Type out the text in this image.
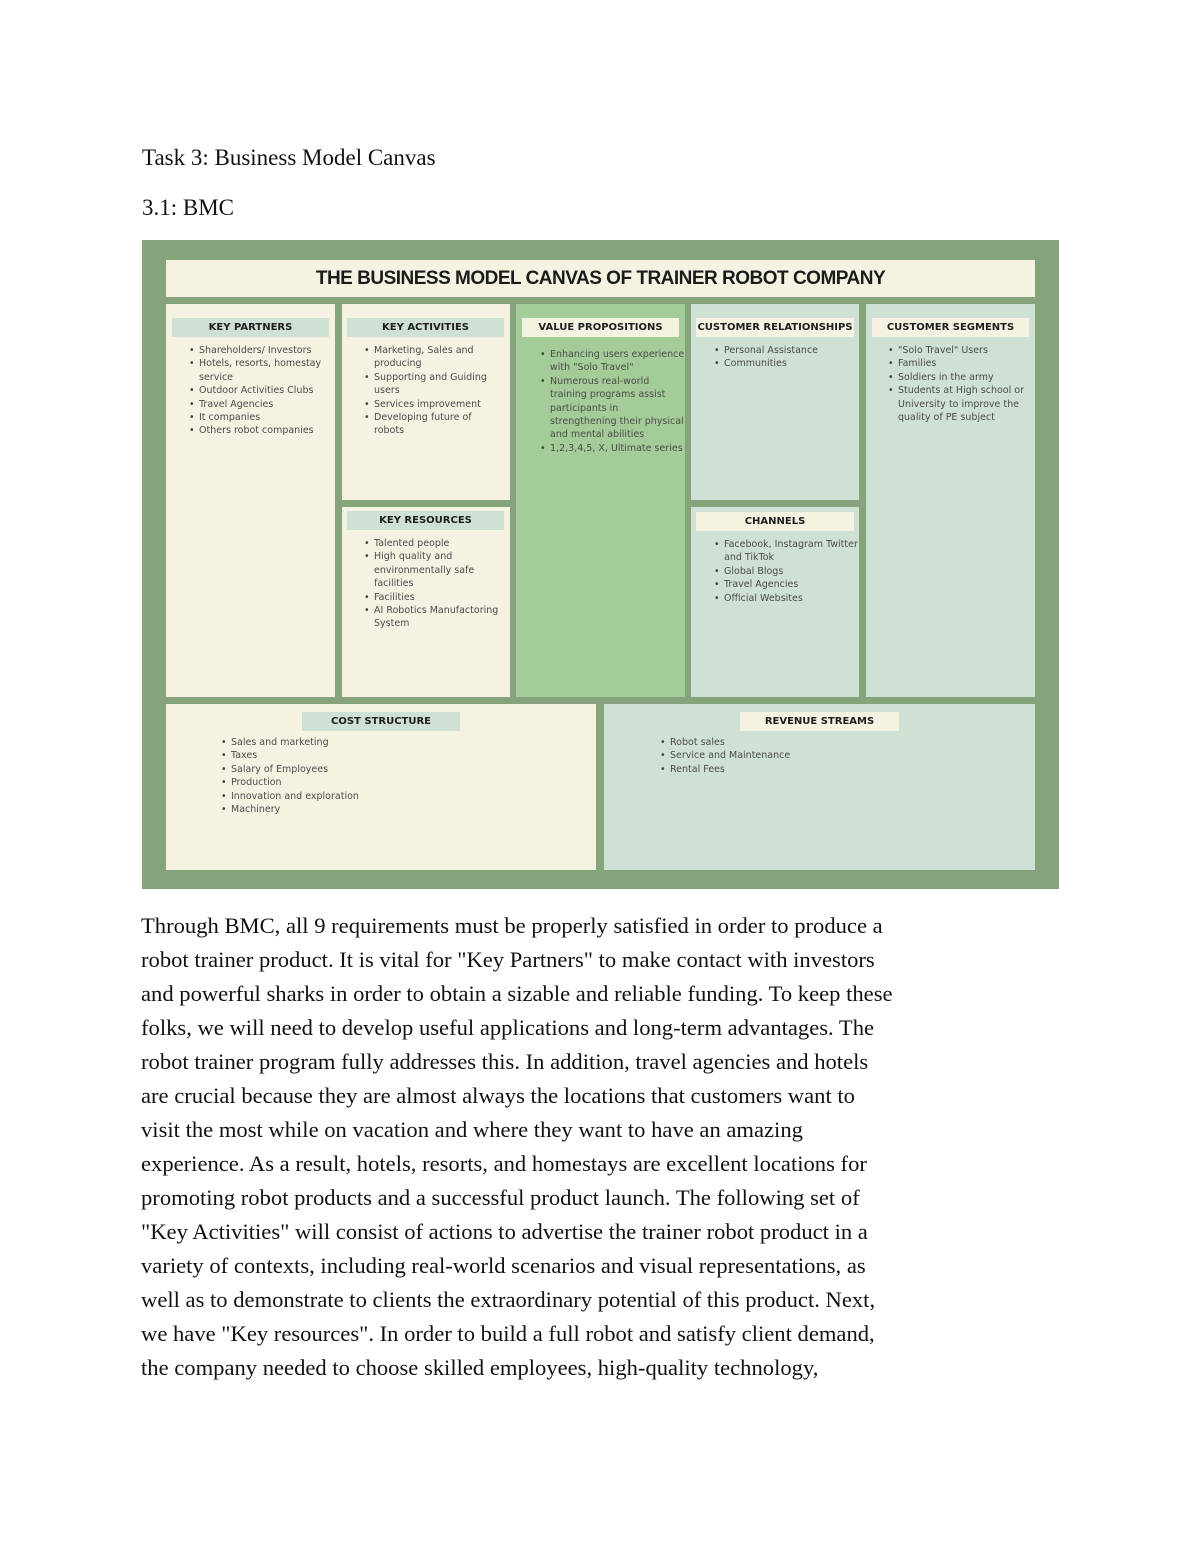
Task 3: Business Model Canvas
3.1: BMC
THE BUSINESS MODEL CANVAS OF TRAINER ROBOT COMPANY
KEY PARTNERS
• Shareholders/ Investors
• Hotels, resorts, homestay service
• Outdoor Activities Clubs
• Travel Agencies
• It companies
• Others robot companies
KEY ACTIVITIES
• Marketing, Sales and producing
• Supporting and Guiding users
• Services improvement
• Developing future of robots
KEY RESOURCES
• Talented people
• High quality and environmentally safe facilities
• Facilities
• AI Robotics Manufactoring System
VALUE PROPOSITIONS
• Enhancing users experience with "Solo Travel"
• Numerous real-world training programs assist participants in strengthening their physical and mental abilities
• 1,2,3,4,5, X, Ultimate series
CUSTOMER RELATIONSHIPS
• Personal Assistance
• Communities
CHANNELS
• Facebook, Instagram Twitter and TikTok
• Global Blogs
• Travel Agencies
• Official Websites
CUSTOMER SEGMENTS
• "Solo Travel" Users
• Families
• Soldiers in the army
• Students at High school or University to improve the quality of PE subject
COST STRUCTURE
• Sales and marketing
• Taxes
• Salary of Employees
• Production
• Innovation and exploration
• Machinery
REVENUE STREAMS
• Robot sales
• Service and Maintenance
• Rental Fees

Through BMC, all 9 requirements must be properly satisfied in order to produce a
robot trainer product. It is vital for "Key Partners" to make contact with investors
and powerful sharks in order to obtain a sizable and reliable funding. To keep these
folks, we will need to develop useful applications and long-term advantages. The
robot trainer program fully addresses this. In addition, travel agencies and hotels
are crucial because they are almost always the locations that customers want to
visit the most while on vacation and where they want to have an amazing
experience. As a result, hotels, resorts, and homestays are excellent locations for
promoting robot products and a successful product launch. The following set of
"Key Activities" will consist of actions to advertise the trainer robot product in a
variety of contexts, including real-world scenarios and visual representations, as
well as to demonstrate to clients the extraordinary potential of this product. Next,
we have "Key resources". In order to build a full robot and satisfy client demand,
the company needed to choose skilled employees, high-quality technology,
